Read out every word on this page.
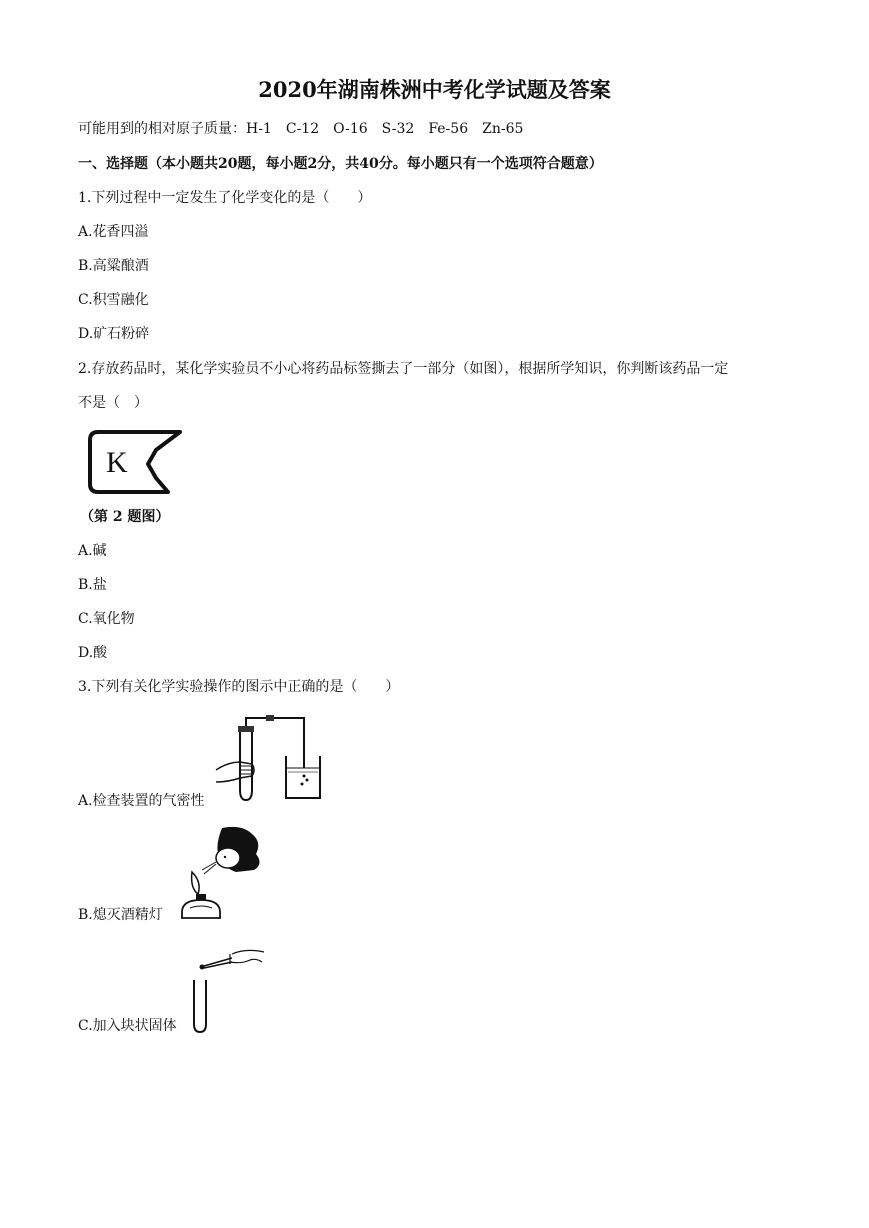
2020年湖南株洲中考化学试题及答案
可能用到的相对原子质量：H-1 C-12 O-16 S-32 Fe-56 Zn-65
一、选择题（本小题共20题，每小题2分，共40分。每小题只有一个选项符合题意）
1.下列过程中一定发生了化学变化的是（　　）
A.花香四溢
B.高粱酿酒
C.积雪融化
D.矿石粉碎
2.存放药品时，某化学实验员不小心将药品标签撕去了一部分（如图），根据所学知识，你判断该药品一定
不是（　）
K
（第 2 题图）
A.碱
B.盐
C.氧化物
D.酸
3.下列有关化学实验操作的图示中正确的是（　　）
A.检查装置的气密性
B.熄灭酒精灯
C.加入块状固体
